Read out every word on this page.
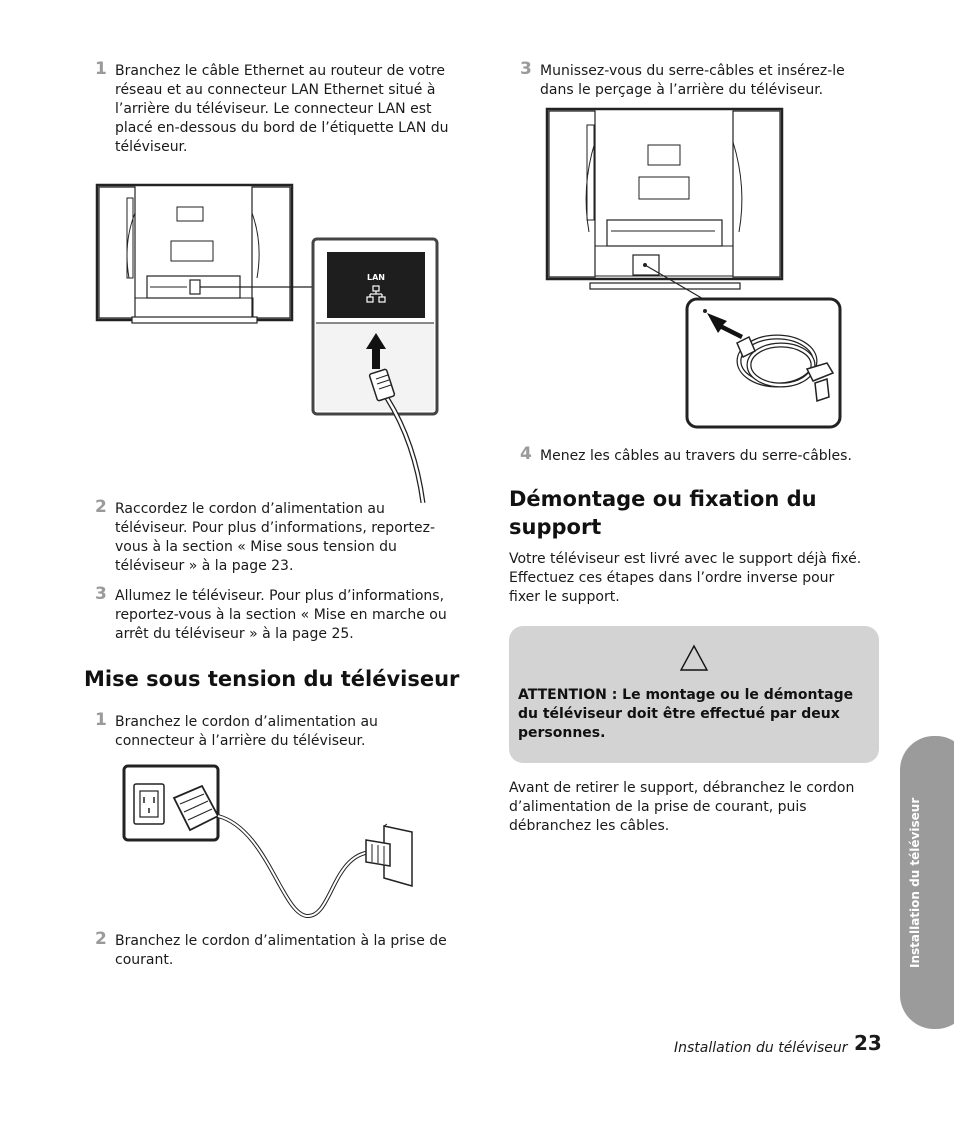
1 Branchez le câble Ethernet au routeur de votre réseau et au connecteur LAN Ethernet situé à l’arrière du téléviseur. Le connecteur LAN est placé en-dessous du bord de l’étiquette LAN du téléviseur.
LAN
2 Raccordez le cordon d’alimentation au téléviseur. Pour plus d’informations, reportez-vous à la section « Mise sous tension du téléviseur » à la page 23.
3 Allumez le téléviseur. Pour plus d’informations, reportez-vous à la section « Mise en marche ou arrêt du téléviseur » à la page 25.
Mise sous tension du téléviseur
1 Branchez le cordon d’alimentation au connecteur à l’arrière du téléviseur.
2 Branchez le cordon d’alimentation à la prise de courant.
3 Munissez-vous du serre-câbles et insérez-le dans le perçage à l’arrière du téléviseur.
4 Menez les câbles au travers du serre-câbles.
Démontage ou fixation du support

Votre téléviseur est livré avec le support déjà fixé. Effectuez ces étapes dans l’ordre inverse pour fixer le support.

ATTENTION : Le montage ou le démontage du téléviseur doit être effectué par deux personnes.

Avant de retirer le support, débranchez le cordon d’alimentation de la prise de courant, puis débranchez les câbles.	Installation du téléviseur
Installation du téléviseur 23
